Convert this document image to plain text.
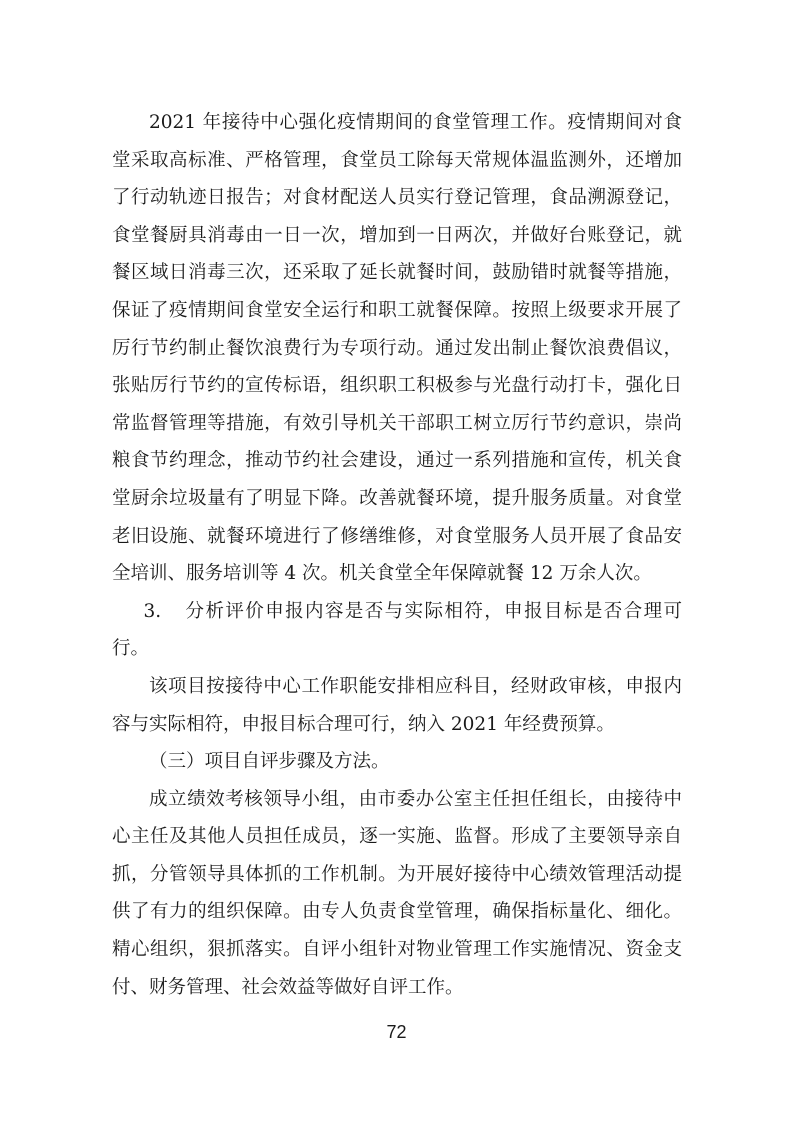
2021 年接待中心强化疫情期间的食堂管理工作。疫情期间对食堂采取高标准、严格管理，食堂员工除每天常规体温监测外，还增加了行动轨迹日报告；对食材配送人员实行登记管理，食品溯源登记，食堂餐厨具消毒由一日一次，增加到一日两次，并做好台账登记，就餐区域日消毒三次，还采取了延长就餐时间，鼓励错时就餐等措施，保证了疫情期间食堂安全运行和职工就餐保障。按照上级要求开展了厉行节约制止餐饮浪费行为专项行动。通过发出制止餐饮浪费倡议，张贴厉行节约的宣传标语，组织职工积极参与光盘行动打卡，强化日常监督管理等措施，有效引导机关干部职工树立厉行节约意识，崇尚粮食节约理念，推动节约社会建设，通过一系列措施和宣传，机关食堂厨余垃圾量有了明显下降。改善就餐环境，提升服务质量。对食堂老旧设施、就餐环境进行了修缮维修，对食堂服务人员开展了食品安全培训、服务培训等 4 次。机关食堂全年保障就餐 12 万余人次。

3. 分析评价申报内容是否与实际相符，申报目标是否合理可行。

该项目按接待中心工作职能安排相应科目，经财政审核，申报内容与实际相符，申报目标合理可行，纳入 2021 年经费预算。

（三）项目自评步骤及方法。

成立绩效考核领导小组，由市委办公室主任担任组长，由接待中心主任及其他人员担任成员，逐一实施、监督。形成了主要领导亲自抓，分管领导具体抓的工作机制。为开展好接待中心绩效管理活动提供了有力的组织保障。由专人负责食堂管理，确保指标量化、细化。精心组织，狠抓落实。自评小组针对物业管理工作实施情况、资金支付、财务管理、社会效益等做好自评工作。

72
